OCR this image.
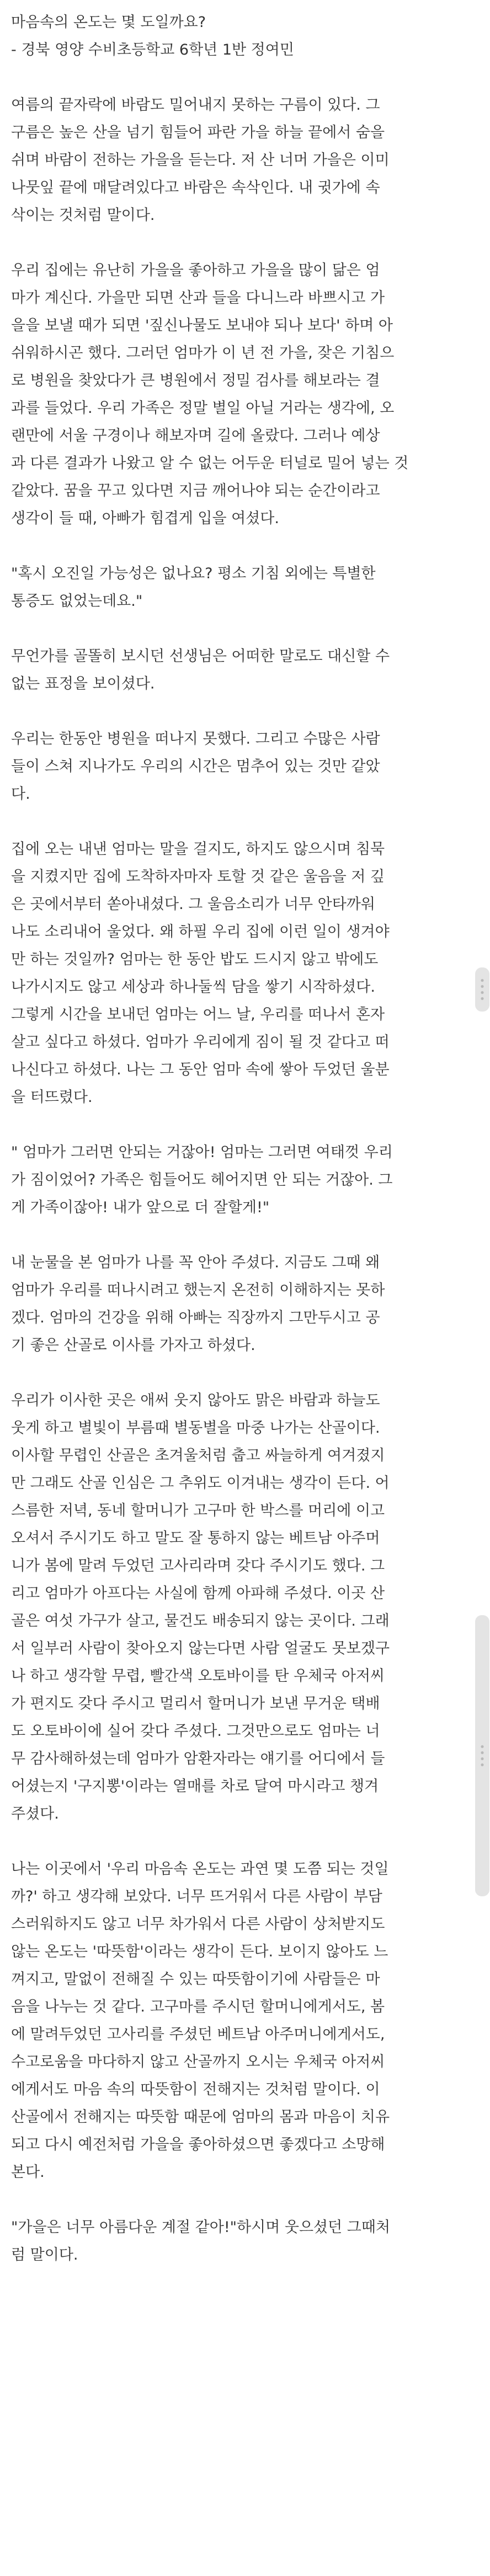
마음속의 온도는 몇 도일까요?

- 경북 영양 수비초등학교 6학년 1반 정여민

여름의 끝자락에 바람도 밀어내지 못하는 구름이 있다. 그
구름은 높은 산을 넘기 힘들어 파란 가을 하늘 끝에서 숨을
쉬며 바람이 전하는 가을을 듣는다. 저 산 너머 가을은 이미
나뭇잎 끝에 매달려있다고 바람은 속삭인다. 내 귓가에 속
삭이는 것처럼 말이다.

우리 집에는 유난히 가을을 좋아하고 가을을 많이 닮은 엄
마가 계신다. 가을만 되면 산과 들을 다니느라 바쁘시고 가
을을 보낼 때가 되면 '짚신나물도 보내야 되나 보다' 하며 아
쉬워하시곤 했다. 그러던 엄마가 이 년 전 가을, 잦은 기침으
로 병원을 찾았다가 큰 병원에서 정밀 검사를 해보라는 결
과를 들었다. 우리 가족은 정말 별일 아닐 거라는 생각에, 오
랜만에 서울 구경이나 해보자며 길에 올랐다. 그러나 예상
과 다른 결과가 나왔고 알 수 없는 어두운 터널로 밀어 넣는 것
같았다. 꿈을 꾸고 있다면 지금 깨어나야 되는 순간이라고
생각이 들 때, 아빠가 힘겹게 입을 여셨다.

"혹시 오진일 가능성은 없나요? 평소 기침 외에는 특별한
통증도 없었는데요."

무언가를 골똘히 보시던 선생님은 어떠한 말로도 대신할 수
없는 표정을 보이셨다.

우리는 한동안 병원을 떠나지 못했다. 그리고 수많은 사람
들이 스쳐 지나가도 우리의 시간은 멈추어 있는 것만 같았
다.

집에 오는 내낸 엄마는 말을 걸지도, 하지도 않으시며 침묵
을 지켰지만 집에 도착하자마자 토할 것 같은 울음을 저 깊
은 곳에서부터 쏟아내셨다. 그 울음소리가 너무 안타까워
나도 소리내어 울었다. 왜 하필 우리 집에 이런 일이 생겨야
만 하는 것일까? 엄마는 한 동안 밥도 드시지 않고 밖에도
나가시지도 않고 세상과 하나둘씩 담을 쌓기 시작하셨다.
그렇게 시간을 보내던 엄마는 어느 날, 우리를 떠나서 혼자
살고 싶다고 하셨다. 엄마가 우리에게 짐이 될 것 같다고 떠
나신다고 하셨다. 나는 그 동안 엄마 속에 쌓아 두었던 울분
을 터뜨렸다.

" 엄마가 그러면 안되는 거잖아! 엄마는 그러면 여태껏 우리
가 짐이었어? 가족은 힘들어도 헤어지면 안 되는 거잖아. 그
게 가족이잖아! 내가 앞으로 더 잘할게!"

내 눈물을 본 엄마가 나를 꼭 안아 주셨다. 지금도 그때 왜
엄마가 우리를 떠나시려고 했는지 온전히 이해하지는 못하
겠다. 엄마의 건강을 위해 아빠는 직장까지 그만두시고 공
기 좋은 산골로 이사를 가자고 하셨다.

우리가 이사한 곳은 애써 웃지 않아도 맑은 바람과 하늘도
웃게 하고 별빛이 부름때 별동별을 마중 나가는 산골이다.
이사할 무렵인 산골은 초겨울처럼 춥고 싸늘하게 여겨졌지
만 그래도 산골 인심은 그 추위도 이겨내는 생각이 든다. 어
스름한 저녁, 동네 할머니가 고구마 한 박스를 머리에 이고
오셔서 주시기도 하고 말도 잘 통하지 않는 베트남 아주머
니가 봄에 말려 두었던 고사리라며 갖다 주시기도 했다. 그
리고 엄마가 아프다는 사실에 함께 아파해 주셨다. 이곳 산
골은 여섯 가구가 살고, 물건도 배송되지 않는 곳이다. 그래
서 일부러 사람이 찾아오지 않는다면 사람 얼굴도 못보겠구
나 하고 생각할 무렵, 빨간색 오토바이를 탄 우체국 아저씨
가 편지도 갖다 주시고 멀리서 할머니가 보낸 무거운 택배
도 오토바이에 실어 갖다 주셨다. 그것만으로도 엄마는 너
무 감사해하셨는데 엄마가 암환자라는 얘기를 어디에서 들
어셨는지 '구지뽕'이라는 열매를 차로 달여 마시라고 챙겨
주셨다.

나는 이곳에서 '우리 마음속 온도는 과연 몇 도쯤 되는 것일
까?' 하고 생각해 보았다. 너무 뜨거워서 다른 사람이 부담
스러워하지도 않고 너무 차가워서 다른 사람이 상처받지도
않는 온도는 '따뜻함'이라는 생각이 든다. 보이지 않아도 느
껴지고, 말없이 전해질 수 있는 따뜻함이기에 사람들은 마
음을 나누는 것 같다. 고구마를 주시던 할머니에게서도, 봄
에 말려두었던 고사리를 주셨던 베트남 아주머니에게서도,
수고로움을 마다하지 않고 산골까지 오시는 우체국 아저씨
에게서도 마음 속의 따뜻함이 전해지는 것처럼 말이다. 이
산골에서 전해지는 따뜻함 때문에 엄마의 몸과 마음이 치유
되고 다시 예전처럼 가을을 좋아하셨으면 좋겠다고 소망해
본다.

"가을은 너무 아름다운 계절 같아!"하시며 웃으셨던 그때처
럼 말이다.
